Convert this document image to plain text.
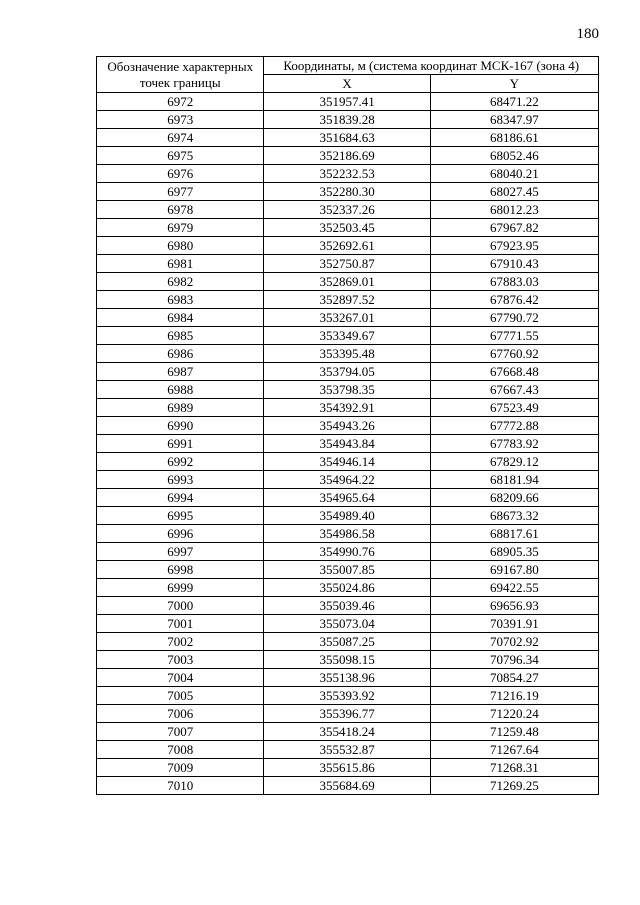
180
Обозначение характерных точек границы	Координаты, м (система координат МСК-167 (зона 4)	
	X	Y
6972	351957.41	68471.22
6973	351839.28	68347.97
6974	351684.63	68186.61
6975	352186.69	68052.46
6976	352232.53	68040.21
6977	352280.30	68027.45
6978	352337.26	68012.23
6979	352503.45	67967.82
6980	352692.61	67923.95
6981	352750.87	67910.43
6982	352869.01	67883.03
6983	352897.52	67876.42
6984	353267.01	67790.72
6985	353349.67	67771.55
6986	353395.48	67760.92
6987	353794.05	67668.48
6988	353798.35	67667.43
6989	354392.91	67523.49
6990	354943.26	67772.88
6991	354943.84	67783.92
6992	354946.14	67829.12
6993	354964.22	68181.94
6994	354965.64	68209.66
6995	354989.40	68673.32
6996	354986.58	68817.61
6997	354990.76	68905.35
6998	355007.85	69167.80
6999	355024.86	69422.55
7000	355039.46	69656.93
7001	355073.04	70391.91
7002	355087.25	70702.92
7003	355098.15	70796.34
7004	355138.96	70854.27
7005	355393.92	71216.19
7006	355396.77	71220.24
7007	355418.24	71259.48
7008	355532.87	71267.64
7009	355615.86	71268.31
7010	355684.69	71269.25
